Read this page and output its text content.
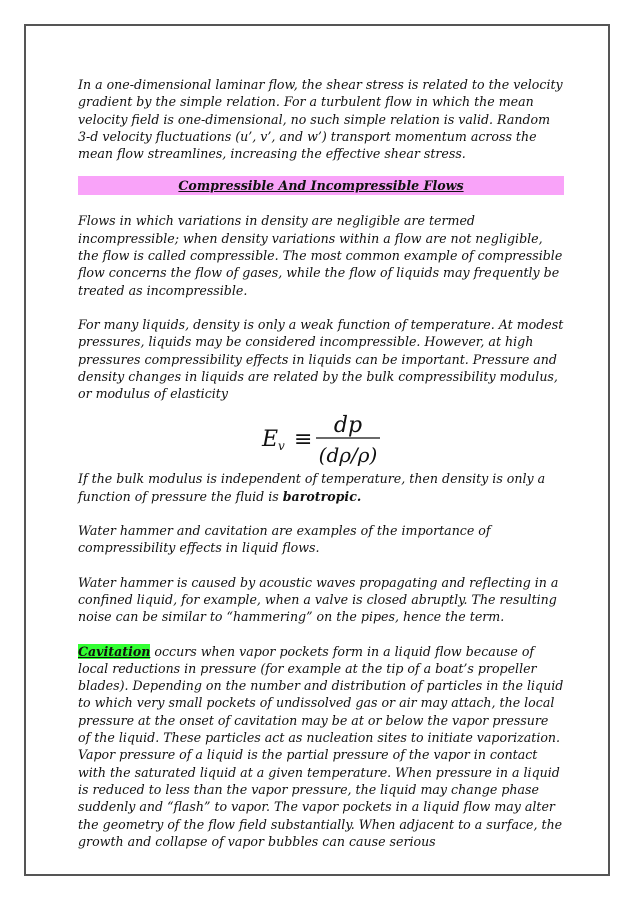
In a one-dimensional laminar flow, the shear stress is related to the velocity gradient by the simple relation. For a turbulent flow in which the mean velocity field is one-dimensional, no such simple relation is valid. Random 3-d velocity fluctuations (u’, v’, and w’) transport momentum across the mean flow streamlines, increasing the effective shear stress.

Compressible And Incompressible Flows

Flows in which variations in density are negligible are termed incompressible; when density variations within a flow are not negligible, the flow is called compressible. The most common example of compressible flow concerns the flow of gases, while the flow of liquids may frequently be treated as incompressible.

For many liquids, density is only a weak function of temperature. At modest pressures, liquids may be considered incompressible. However, at high pressures compressibility effects in liquids can be important. Pressure and density changes in liquids are related by the bulk compressibility modulus, or modulus of elasticity

E v ≡
dp
(dρ/ρ)

If the bulk modulus is independent of temperature, then density is only a function of pressure the fluid is barotropic.

Water hammer and cavitation are examples of the importance of compressibility effects in liquid flows.

Water hammer is caused by acoustic waves propagating and reflecting in a confined liquid, for example, when a valve is closed abruptly. The resulting noise can be similar to “hammering” on the pipes, hence the term.

Cavitation occurs when vapor pockets form in a liquid flow because of local reductions in pressure (for example at the tip of a boat’s propeller blades). Depending on the number and distribution of particles in the liquid to which very small pockets of undissolved gas or air may attach, the local pressure at the onset of cavitation may be at or below the vapor pressure of the liquid. These particles act as nucleation sites to initiate vaporization. Vapor pressure of a liquid is the partial pressure of the vapor in contact with the saturated liquid at a given temperature. When pressure in a liquid is reduced to less than the vapor pressure, the liquid may change phase suddenly and “flash” to vapor. The vapor pockets in a liquid flow may alter the geometry of the flow field substantially. When adjacent to a surface, the growth and collapse of vapor bubbles can cause serious
